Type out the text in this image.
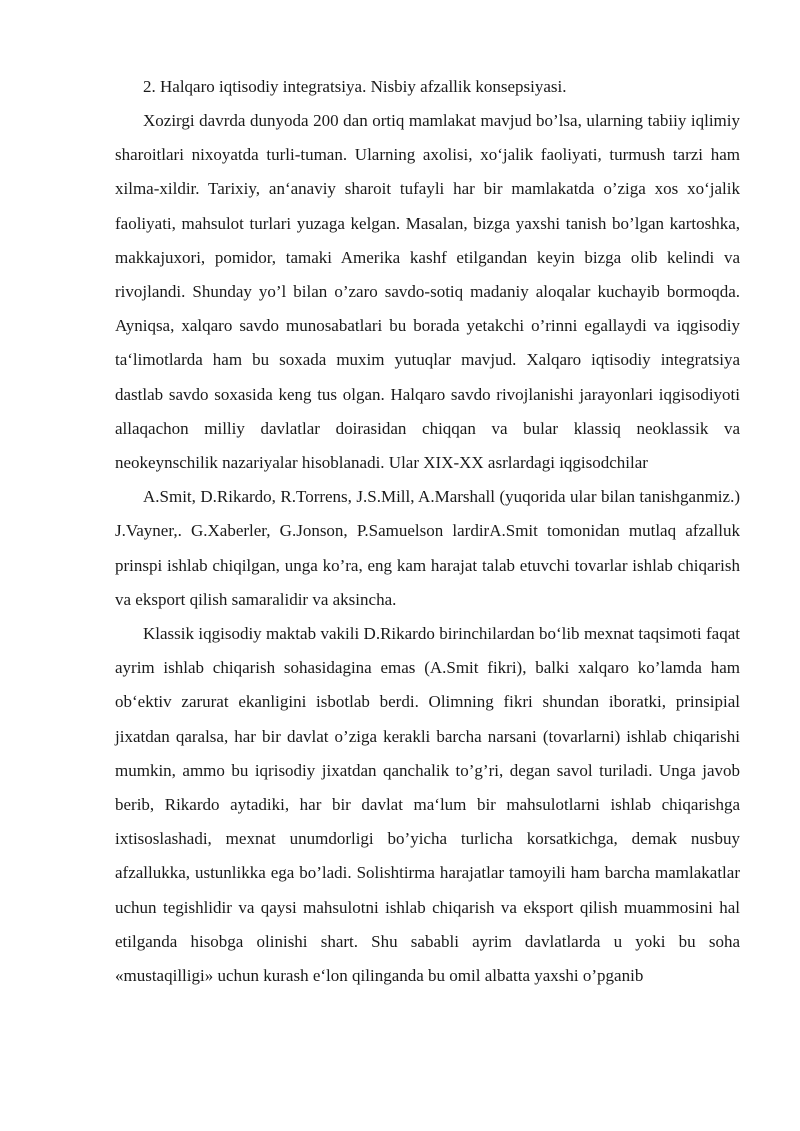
2. Halqaro iqtisodiy integratsiya. Nisbiy afzallik konsepsiyasi.

Xozirgi davrda dunyoda 200 dan ortiq mamlakat mavjud bo’lsa, ularning tabiiy iqlimiy sharoitlari nixoyatda turli-tuman. Ularning axolisi, xo‘jalik faoliyati, turmush tarzi ham xilma-xildir. Tarixiy, an‘anaviy sharoit tufayli har bir mamlakatda o’ziga xos xo‘jalik faoliyati, mahsulot turlari yuzaga kelgan. Masalan, bizga yaxshi tanish bo’lgan kartoshka, makkajuxori, pomidor, tamaki Amerika kashf etilgandan keyin bizga olib kelindi va rivojlandi. Shunday yo’l bilan o’zaro savdo-sotiq madaniy aloqalar kuchayib bormoqda. Ayniqsa, xalqaro savdo munosabatlari bu borada yetakchi o’rinni egallaydi va iqgisodiy ta‘limotlarda ham bu soxada muxim yutuqlar mavjud. Xalqaro iqtisodiy integratsiya dastlab savdo soxasida keng tus olgan. Halqaro savdo rivojlanishi jarayonlari iqgisodiyoti allaqachon milliy davlatlar doirasidan chiqqan va bular klassiq neoklassik va neokeynschilik nazariyalar hisoblanadi. Ular XIX-XX asrlardagi iqgisodchilar

A.Smit, D.Rikardo, R.Torrens, J.S.Mill, A.Marshall (yuqorida ular bilan tanishganmiz.) J.Vayner,. G.Xaberler, G.Jonson, P.Samuelson lardirA.Smit tomonidan mutlaq afzalluk prinspi ishlab chiqilgan, unga ko’ra, eng kam harajat talab etuvchi tovarlar ishlab chiqarish va eksport qilish samaralidir va aksincha.

Klassik iqgisodiy maktab vakili D.Rikardo birinchilardan bo‘lib mexnat taqsimoti faqat ayrim ishlab chiqarish sohasidagina emas (A.Smit fikri), balki xalqaro ko’lamda ham ob‘ektiv zarurat ekanligini isbotlab berdi. Olimning fikri shundan iboratki, prinsipial jixatdan qaralsa, har bir davlat o’ziga kerakli barcha narsani (tovarlarni) ishlab chiqarishi mumkin, ammo bu iqrisodiy jixatdan qanchalik to’g’ri, degan savol turiladi. Unga javob berib, Rikardo aytadiki, har bir davlat ma‘lum bir mahsulotlarni ishlab chiqarishga ixtisoslashadi, mexnat unumdorligi bo’yicha turlicha korsatkichga, demak nusbuy afzallukka, ustunlikka ega bo’ladi. Solishtirma harajatlar tamoyili ham barcha mamlakatlar uchun tegishlidir va qaysi mahsulotni ishlab chiqarish va eksport qilish muammosini hal etilganda hisobga olinishi shart. Shu sababli ayrim davlatlarda u yoki bu soha «mustaqilligi» uchun kurash e‘lon qilinganda bu omil albatta yaxshi o’pganib
